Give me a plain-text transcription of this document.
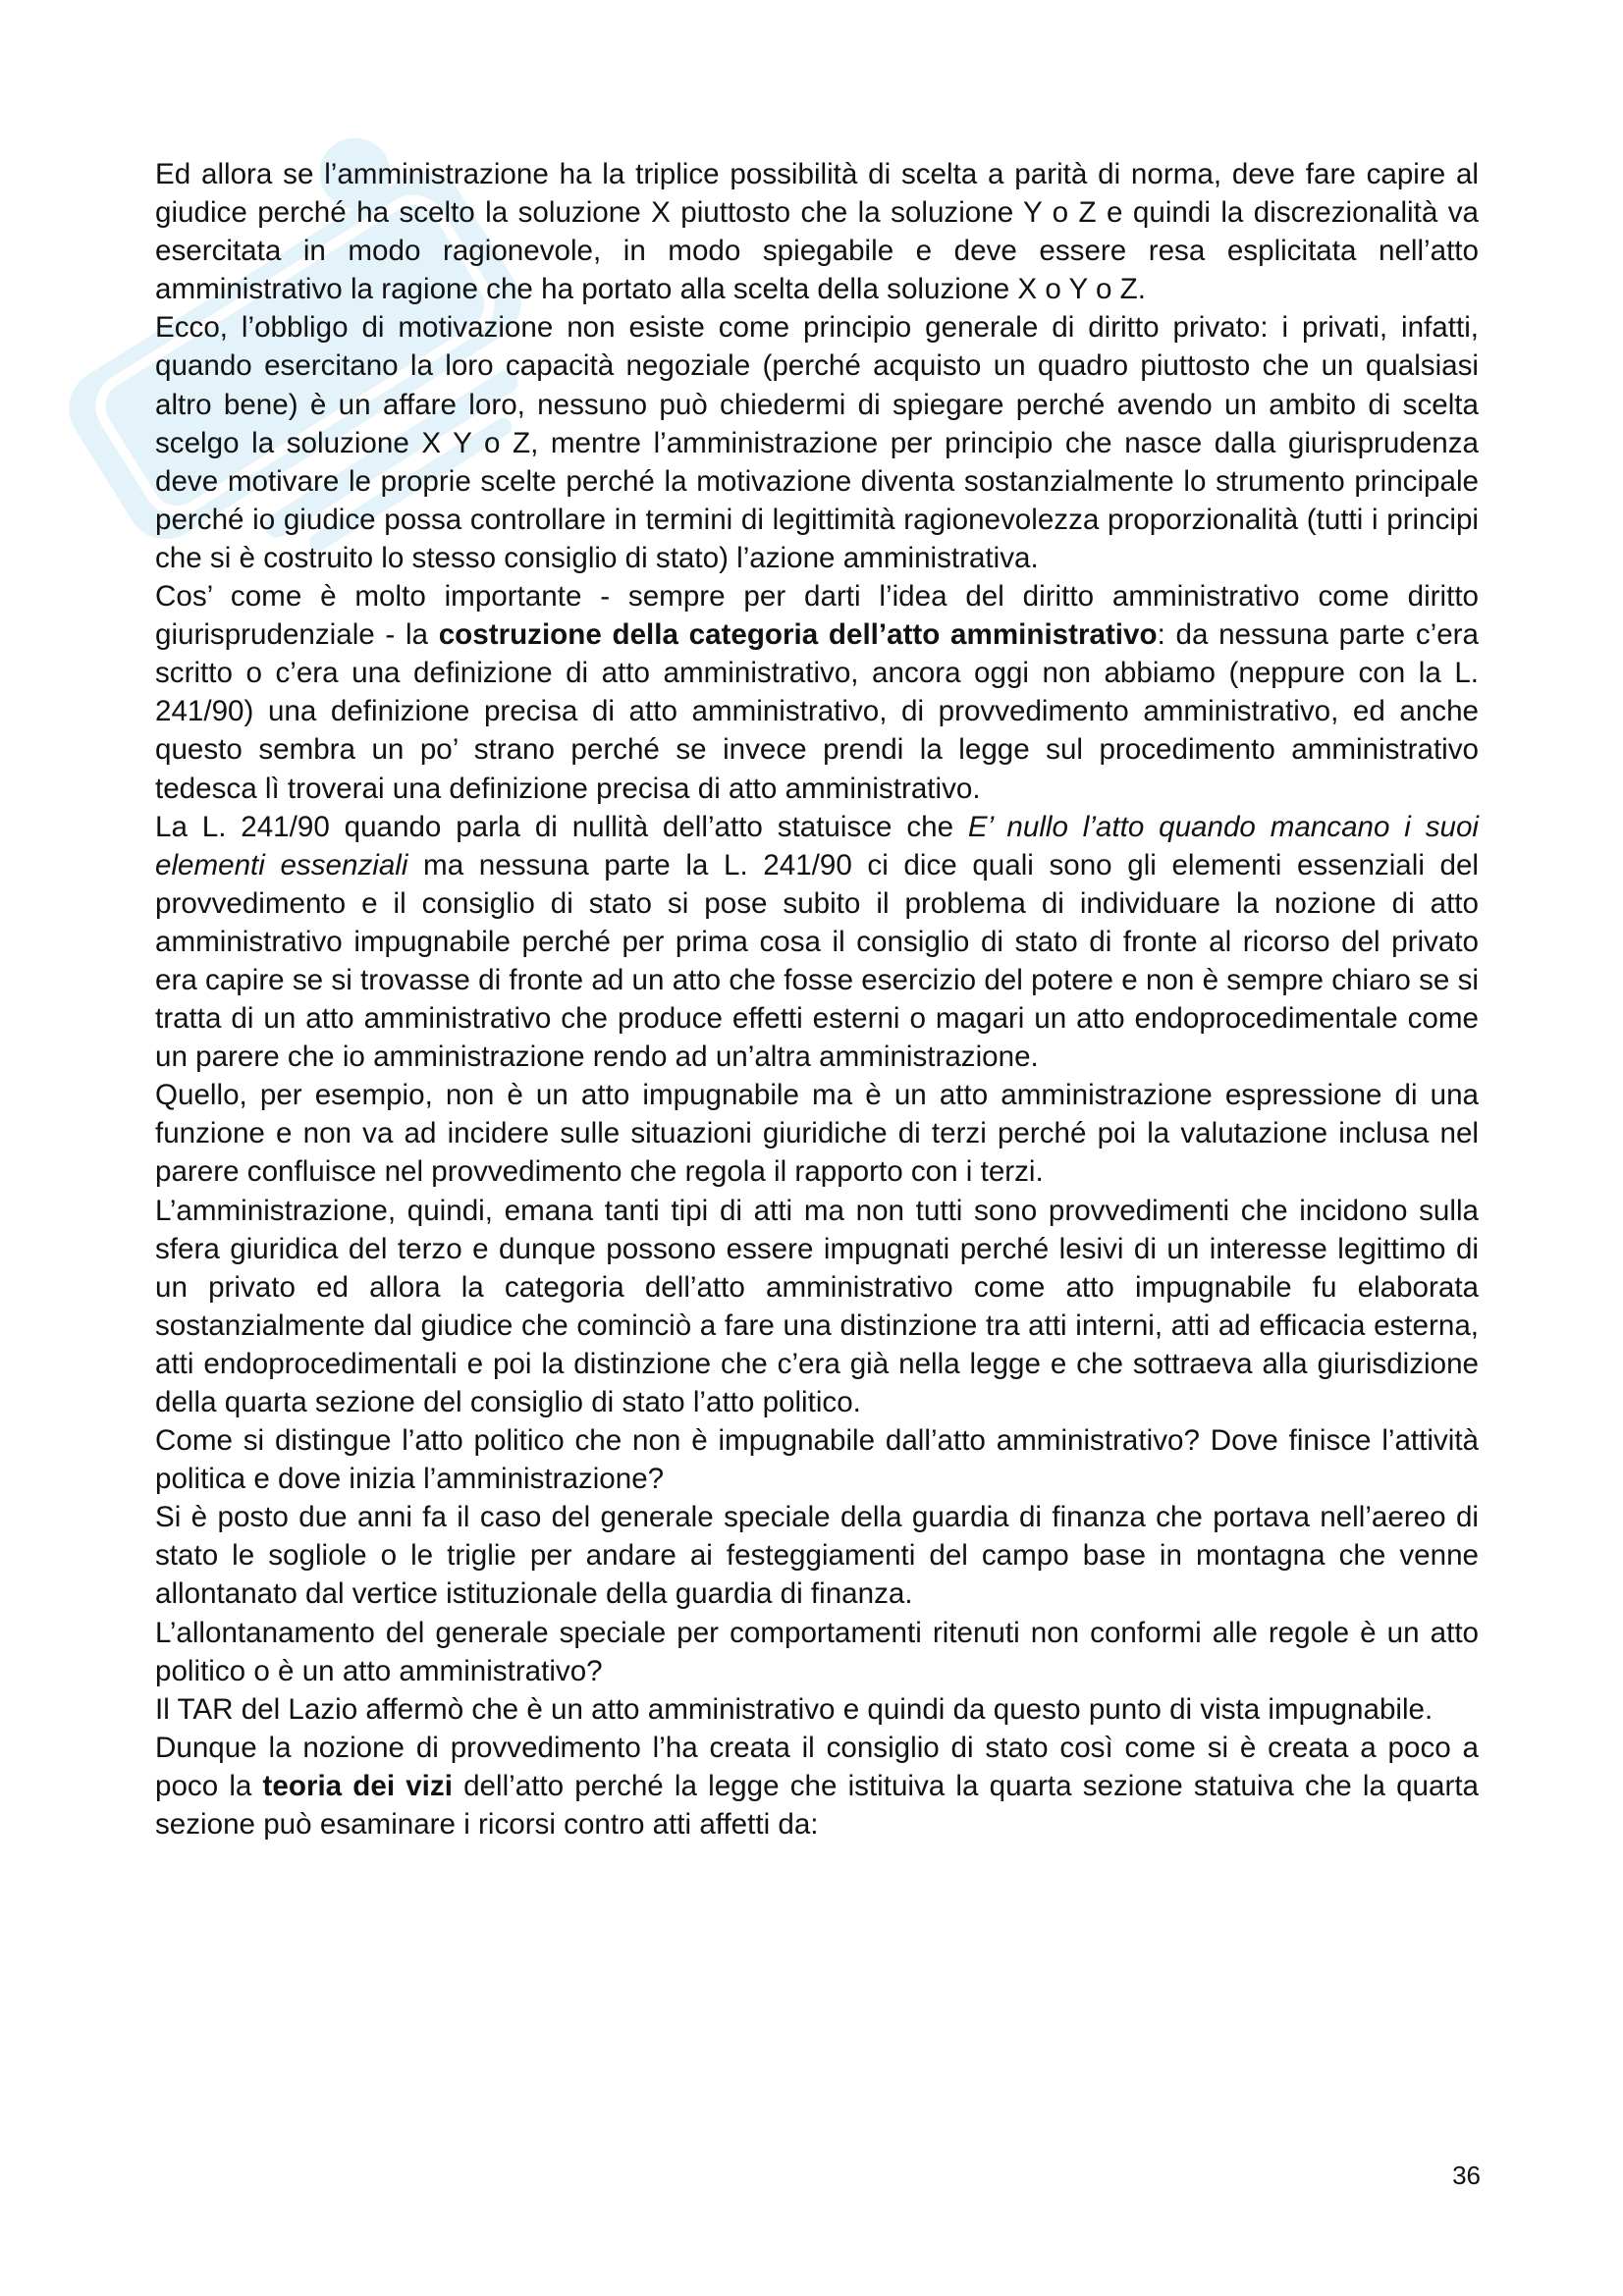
Ed allora se l’amministrazione ha la triplice possibilità di scelta a parità di norma, deve fare capire al giudice perché ha scelto la soluzione X piuttosto che la soluzione Y o Z e quindi la discrezionalità va esercitata in modo ragionevole, in modo spiegabile e deve essere resa esplicitata nell’atto amministrativo la ragione che ha portato alla scelta della soluzione X o Y o Z.

Ecco, l’obbligo di motivazione non esiste come principio generale di diritto privato: i privati, infatti, quando esercitano la loro capacità negoziale (perché acquisto un quadro piuttosto che un qualsiasi altro bene) è un affare loro, nessuno può chiedermi di spiegare perché avendo un ambito di scelta scelgo la soluzione X Y o Z, mentre l’amministrazione per principio che nasce dalla giurisprudenza deve motivare le proprie scelte perché la motivazione diventa sostanzialmente lo strumento principale perché io giudice possa controllare in termini di legittimità ragionevolezza proporzionalità (tutti i principi che si è costruito lo stesso consiglio di stato) l’azione amministrativa.

Cos’ come è molto importante - sempre per darti l’idea del diritto amministrativo come diritto giurisprudenziale - la costruzione della categoria dell’atto amministrativo: da nessuna parte c’era scritto o c’era una definizione di atto amministrativo, ancora oggi non abbiamo (neppure con la L. 241/90) una definizione precisa di atto amministrativo, di provvedimento amministrativo, ed anche questo sembra un po’ strano perché se invece prendi la legge sul procedimento amministrativo tedesca lì troverai una definizione precisa di atto amministrativo.

La L. 241/90 quando parla di nullità dell’atto statuisce che E’ nullo l’atto quando mancano i suoi elementi essenziali ma nessuna parte la L. 241/90 ci dice quali sono gli elementi essenziali del provvedimento e il consiglio di stato si pose subito il problema di individuare la nozione di atto amministrativo impugnabile perché per prima cosa il consiglio di stato di fronte al ricorso del privato era capire se si trovasse di fronte ad un atto che fosse esercizio del potere e non è sempre chiaro se si tratta di un atto amministrativo che produce effetti esterni o magari un atto endoprocedimentale come un parere che io amministrazione rendo ad un’altra amministrazione.

Quello, per esempio, non è un atto impugnabile ma è un atto amministrazione espressione di una funzione e non va ad incidere sulle situazioni giuridiche di terzi perché poi la valutazione inclusa nel parere confluisce nel provvedimento che regola il rapporto con i terzi.

L’amministrazione, quindi, emana tanti tipi di atti ma non tutti sono provvedimenti che incidono sulla sfera giuridica del terzo e dunque possono essere impugnati perché lesivi di un interesse legittimo di un privato ed allora la categoria dell’atto amministrativo come atto impugnabile fu elaborata sostanzialmente dal giudice che cominciò a fare una distinzione tra atti interni, atti ad efficacia esterna, atti endoprocedimentali e poi la distinzione che c’era già nella legge e che sottraeva alla giurisdizione della quarta sezione del consiglio di stato l’atto politico.

Come si distingue l’atto politico che non è impugnabile dall’atto amministrativo? Dove finisce l’attività politica e dove inizia l’amministrazione?

Si è posto due anni fa il caso del generale speciale della guardia di finanza che portava nell’aereo di stato le sogliole o le triglie per andare ai festeggiamenti del campo base in montagna che venne allontanato dal vertice istituzionale della guardia di finanza.

L’allontanamento del generale speciale per comportamenti ritenuti non conformi alle regole è un atto politico o è un atto amministrativo?

Il TAR del Lazio affermò che è un atto amministrativo e quindi da questo punto di vista impugnabile.

Dunque la nozione di provvedimento l’ha creata il consiglio di stato così come si è creata a poco a poco la teoria dei vizi dell’atto perché la legge che istituiva la quarta sezione statuiva che la quarta sezione può esaminare i ricorsi contro atti affetti da:

36
